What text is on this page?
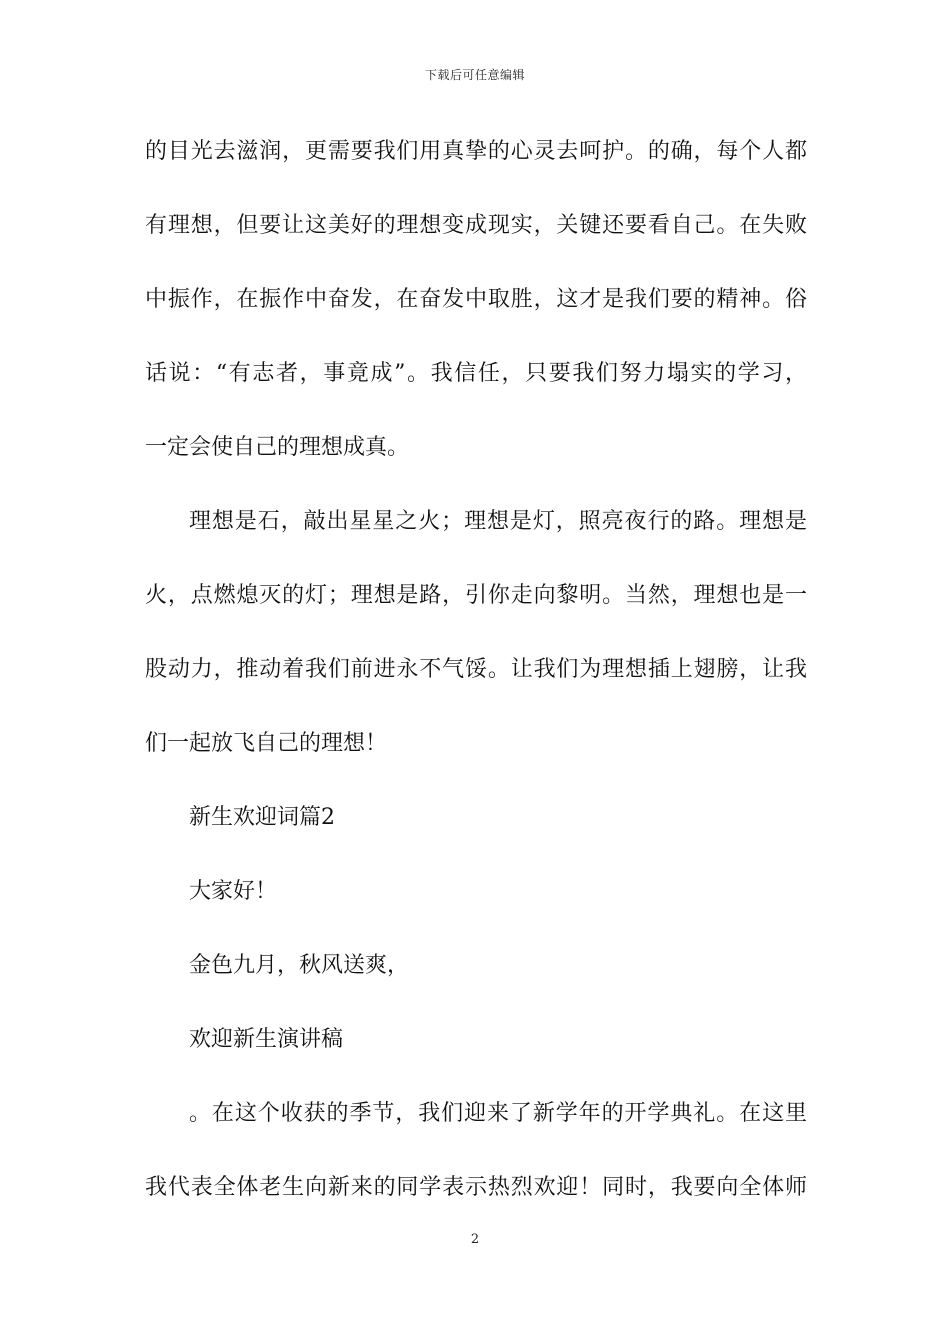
下载后可任意编辑
的目光去滋润，更需要我们用真挚的心灵去呵护。的确，每个人都
有理想，但要让这美好的理想变成现实，关键还要看自己。在失败
中振作，在振作中奋发，在奋发中取胜，这才是我们要的精神。俗
话说：“有志者，事竟成”。我信任，只要我们努力塌实的学习，
一定会使自己的理想成真。
理想是石，敲出星星之火；理想是灯，照亮夜行的路。理想是
火，点燃熄灭的灯；理想是路，引你走向黎明。当然，理想也是一
股动力，推动着我们前进永不气馁。让我们为理想插上翅膀，让我
们一起放飞自己的理想！
新生欢迎词篇2
大家好！
金色九月，秋风送爽，
欢迎新生演讲稿
。在这个收获的季节，我们迎来了新学年的开学典礼。在这里
我代表全体老生向新来的同学表示热烈欢迎！同时，我要向全体师
2
